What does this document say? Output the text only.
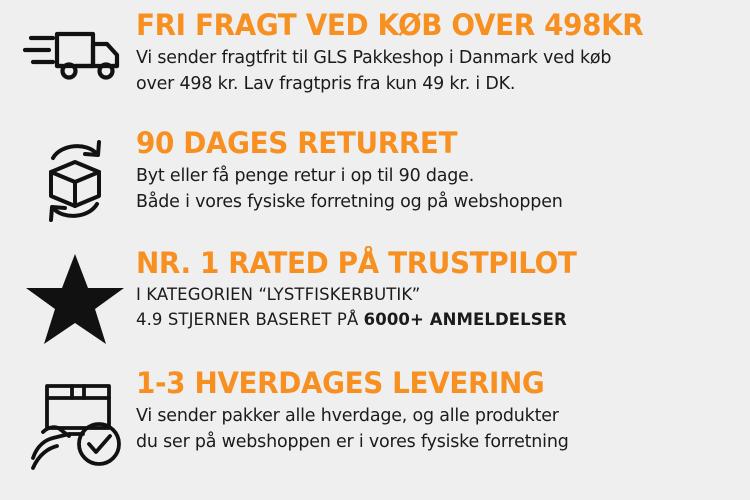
FRI FRAGT VED KØB OVER 498KR
Vi sender fragtfrit til GLS Pakkeshop i Danmark ved køb
over 498 kr. Lav fragtpris fra kun 49 kr. i DK.
90 DAGES RETURRET
Byt eller få penge retur i op til 90 dage.
Både i vores fysiske forretning og på webshoppen
NR. 1 RATED PÅ TRUSTPILOT
I KATEGORIEN “LYSTFISKERBUTIK”
4.9 STJERNER BASERET PÅ 6000+ ANMELDELSER
1-3 HVERDAGES LEVERING
Vi sender pakker alle hverdage, og alle produkter
du ser på webshoppen er i vores fysiske forretning
